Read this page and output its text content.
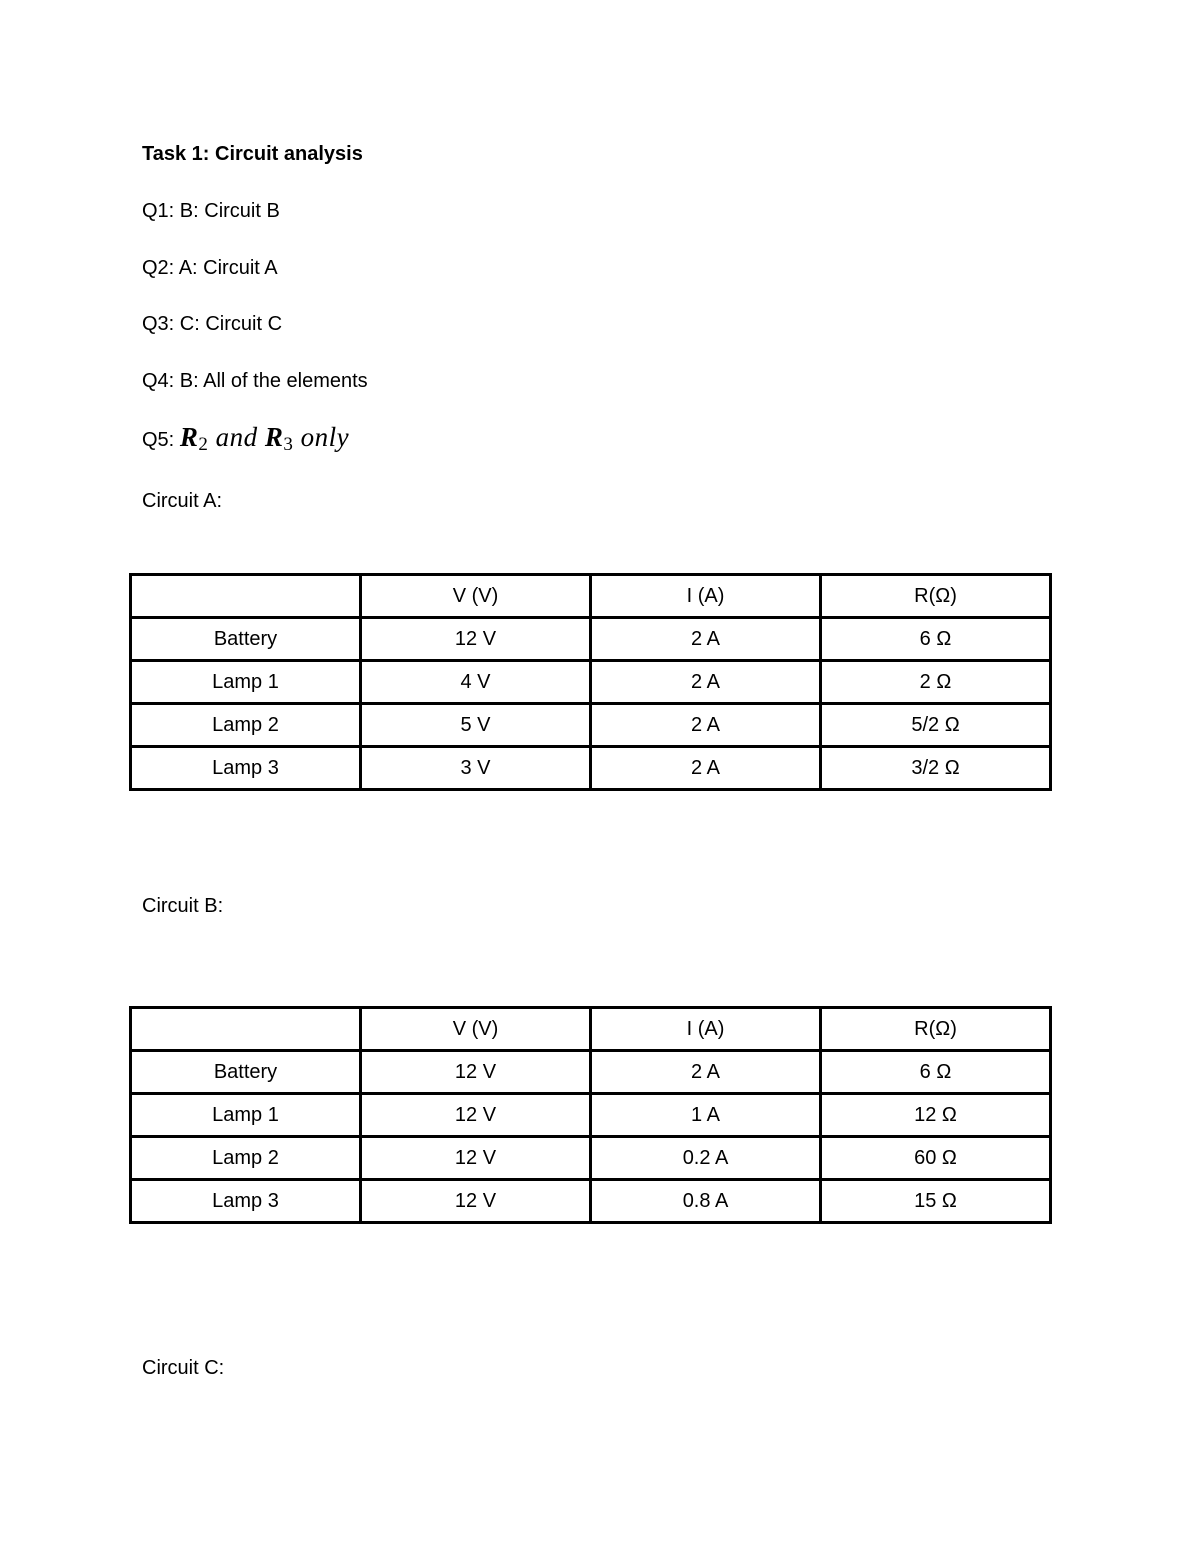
Task 1: Circuit analysis
Q1: B: Circuit B
Q2: A: Circuit A
Q3: C: Circuit C
Q4: B: All of the elements
Q5: $R_2$ and $R_3$ only
Circuit A:
	V (V)	I (A)	R(Ω)
Battery	12 V	2 A	6 Ω
Lamp 1	4 V	2 A	2 Ω
Lamp 2	5 V	2 A	5/2 Ω
Lamp 3	3 V	2 A	3/2 Ω
Circuit B:
	V (V)	I (A)	R(Ω)
Battery	12 V	2 A	6 Ω
Lamp 1	12 V	1 A	12 Ω
Lamp 2	12 V	0.2 A	60 Ω
Lamp 3	12 V	0.8 A	15 Ω
Circuit C:
